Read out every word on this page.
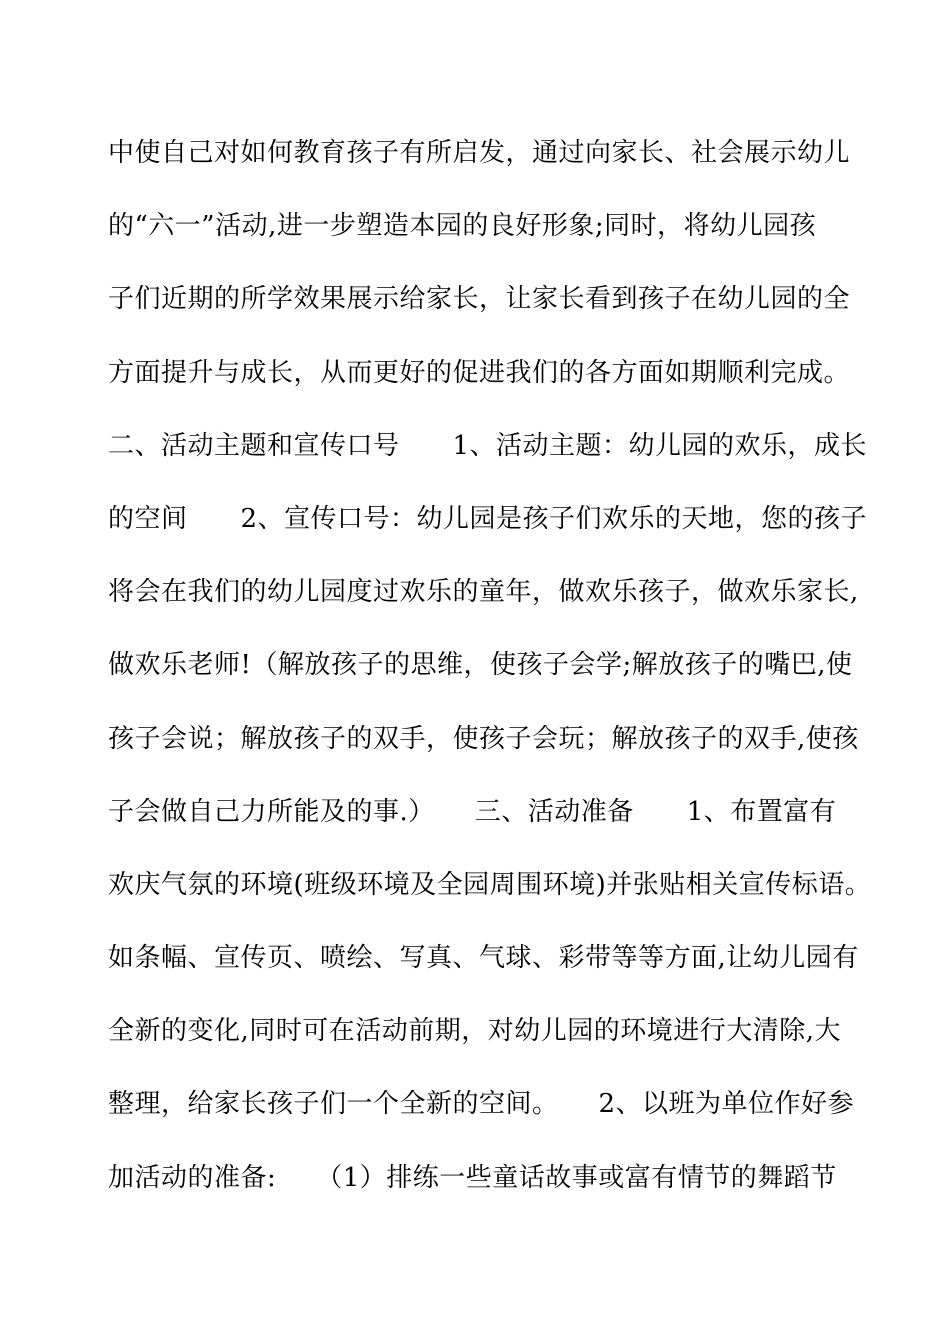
中使自己对如何教育孩子有所启发，通过向家长、社会展示幼儿
的“六一”活动,进一步塑造本园的良好形象;同时，将幼儿园孩
子们近期的所学效果展示给家长，让家长看到孩子在幼儿园的全
方面提升与成长，从而更好的促进我们的各方面如期顺利完成。
二、活动主题和宣传口号　　1、活动主题：幼儿园的欢乐，成长
的空间　　2、宣传口号：幼儿园是孩子们欢乐的天地，您的孩子
将会在我们的幼儿园度过欢乐的童年，做欢乐孩子，做欢乐家长,
做欢乐老师!（解放孩子的思维，使孩子会学;解放孩子的嘴巴,使
孩子会说；解放孩子的双手，使孩子会玩；解放孩子的双手,使孩
子会做自己力所能及的事.）　　三、活动准备　　1、布置富有
欢庆气氛的环境(班级环境及全园周围环境)并张贴相关宣传标语。
如条幅、宣传页、喷绘、写真、气球、彩带等等方面,让幼儿园有
全新的变化,同时可在活动前期，对幼儿园的环境进行大清除,大
整理，给家长孩子们一个全新的空间。　　2、以班为单位作好参
加活动的准备:　　（1）排练一些童话故事或富有情节的舞蹈节
